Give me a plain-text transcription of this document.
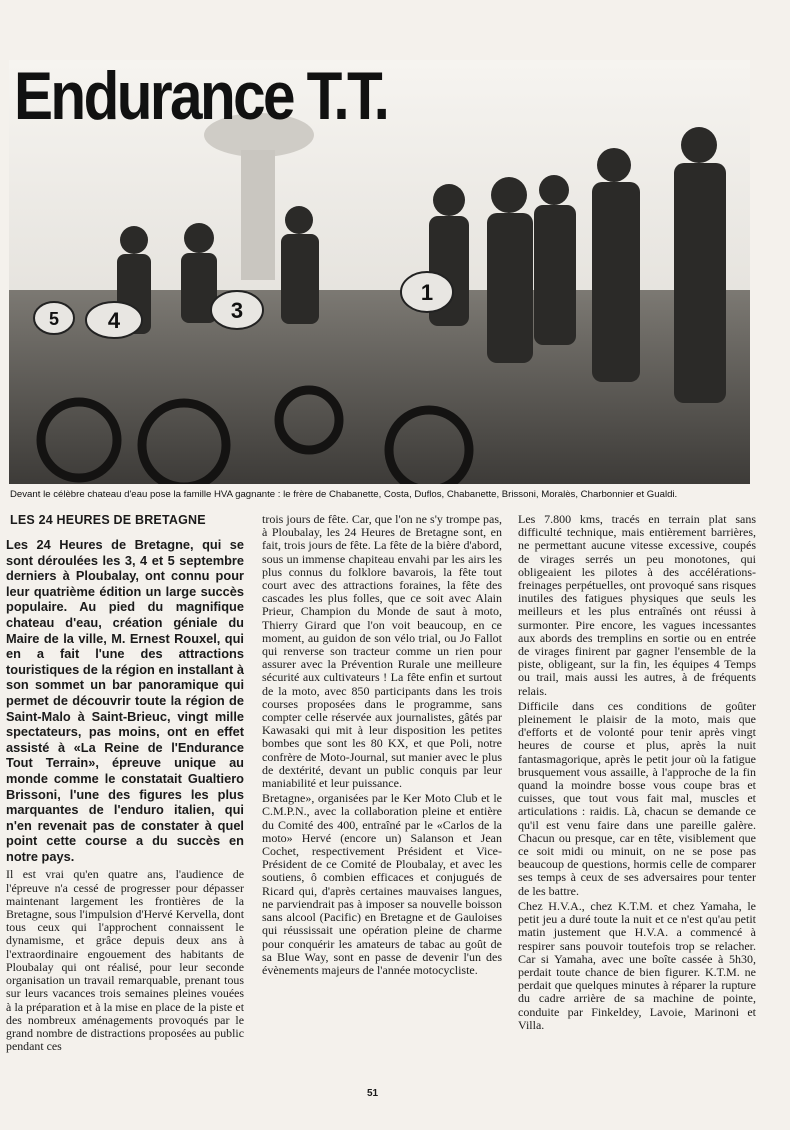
4	3
1
5
Endurance T.T.
Devant le célèbre chateau d'eau pose la famille HVA gagnante : le frère de Chabanette, Costa, Duflos, Chabanette, Brissoni, Moralès, Charbonnier et Gualdi.
LES 24 HEURES DE BRETAGNE

Les 24 Heures de Bretagne, qui se sont déroulées les 3, 4 et 5 septembre derniers à Ploubalay, ont connu pour leur quatrième édition un large succès populaire. Au pied du magnifique chateau d'eau, création géniale du Maire de la ville, M. Ernest Rouxel, qui en a fait l'une des attractions touristiques de la région en installant à son sommet un bar panoramique qui permet de découvrir toute la région de Saint-Malo à Saint-Brieuc, vingt mille spectateurs, pas moins, ont en effet assisté à «La Reine de l'Endurance Tout Terrain», épreuve unique au monde comme le constatait Gualtiero Brissoni, l'une des figures les plus marquantes de l'enduro italien, qui n'en revenait pas de constater à quel point cette course a du succès en notre pays.

Il est vrai qu'en quatre ans, l'audience de l'épreuve n'a cessé de progresser pour dépasser maintenant largement les frontières de la Bretagne, sous l'impulsion d'Hervé Kervella, dont tous ceux qui l'approchent connaissent le dynamisme, et grâce depuis deux ans à l'extraordinaire engouement des habitants de Ploubalay qui ont réalisé, pour leur seconde organisation un travail remarquable, prenant tous sur leurs vacances trois semaines pleines vouées à la préparation et à la mise en place de la piste et des nombreux aménagements provoqués par le grand nombre de distractions proposées au public pendant ces

trois jours de fête. Car, que l'on ne s'y trompe pas, à Ploubalay, les 24 Heures de Bretagne sont, en fait, trois jours de fête. La fête de la bière d'abord, sous un immense chapiteau envahi par les airs les plus connus du folklore bavarois, la fête tout court avec des attractions foraines, la fête des cascades les plus folles, que ce soit avec Alain Prieur, Champion du Monde de saut à moto, Thierry Girard que l'on voit beaucoup, en ce moment, au guidon de son vélo trial, ou Jo Fallot qui renverse son tracteur comme un rien pour assurer avec la Prévention Rurale une meilleure sécurité aux cultivateurs ! La fête enfin et surtout de la moto, avec 850 participants dans les trois courses proposées dans le programme, sans compter celle réservée aux journalistes, gâtés par Kawasaki qui mit à leur disposition les petites bombes que sont les 80 KX, et que Poli, notre confrère de Moto-Journal, sut manier avec le plus de dextérité, devant un public conquis par leur maniabilité et leur puissance.

Bretagne», organisées par le Ker Moto Club et le C.M.P.N., avec la collaboration pleine et entière du Comité des 400, entraîné par le «Carlos de la moto» Hervé (encore un) Salanson et Jean Cochet, respectivement Président et Vice-Président de ce Comité de Ploubalay, et avec les soutiens, ô combien efficaces et conjugués de Ricard qui, d'après certaines mauvaises langues, ne parviendrait pas à imposer sa nouvelle boisson sans alcool (Pacific) en Bretagne et de Gauloises qui réussissait une opération pleine de charme pour conquérir les amateurs de tabac au goût de sa Blue Way, sont en passe de devenir l'un des évènements majeurs de l'année motocycliste.

Les 7.800 kms, tracés en terrain plat sans difficulté technique, mais entièrement barrières, ne permettant aucune vitesse excessive, coupés de virages serrés un peu monotones, qui obligeaient les pilotes à des accélérations-freinages perpétuelles, ont provoqué sans risques inutiles des fatigues physiques que seuls les meilleurs et les plus entraînés ont réussi à surmonter. Pire encore, les vagues incessantes aux abords des tremplins en sortie ou en entrée de virages finirent par gagner l'ensemble de la piste, obligeant, sur la fin, les équipes 4 Temps ou trail, mais aussi les autres, à de fréquents relais.

Difficile dans ces conditions de goûter pleinement le plaisir de la moto, mais que d'efforts et de volonté pour tenir après vingt heures de course et plus, après la nuit fantasmagorique, après le petit jour où la fatigue brusquement vous assaille, à l'approche de la fin quand la moindre bosse vous coupe bras et cuisses, que tout vous fait mal, muscles et articulations : raidis. Là, chacun se demande ce qu'il est venu faire dans une pareille galère. Chacun ou presque, car en tête, visiblement que ce soit midi ou minuit, on ne se pose pas beaucoup de questions, hormis celle de comparer ses temps à ceux de ses adversaires pour tenter de les battre.

Chez H.V.A., chez K.T.M. et chez Yamaha, le petit jeu a duré toute la nuit et ce n'est qu'au petit matin justement que H.V.A. a commencé à respirer sans pouvoir toutefois trop se relacher. Car si Yamaha, avec une boîte cassée à 5h30, perdait toute chance de bien figurer. K.T.M. ne perdait que quelques minutes à réparer la rupture du cadre arrière de sa machine de pointe, conduite par Finkeldey, Lavoie, Marinoni et Villa.

51
